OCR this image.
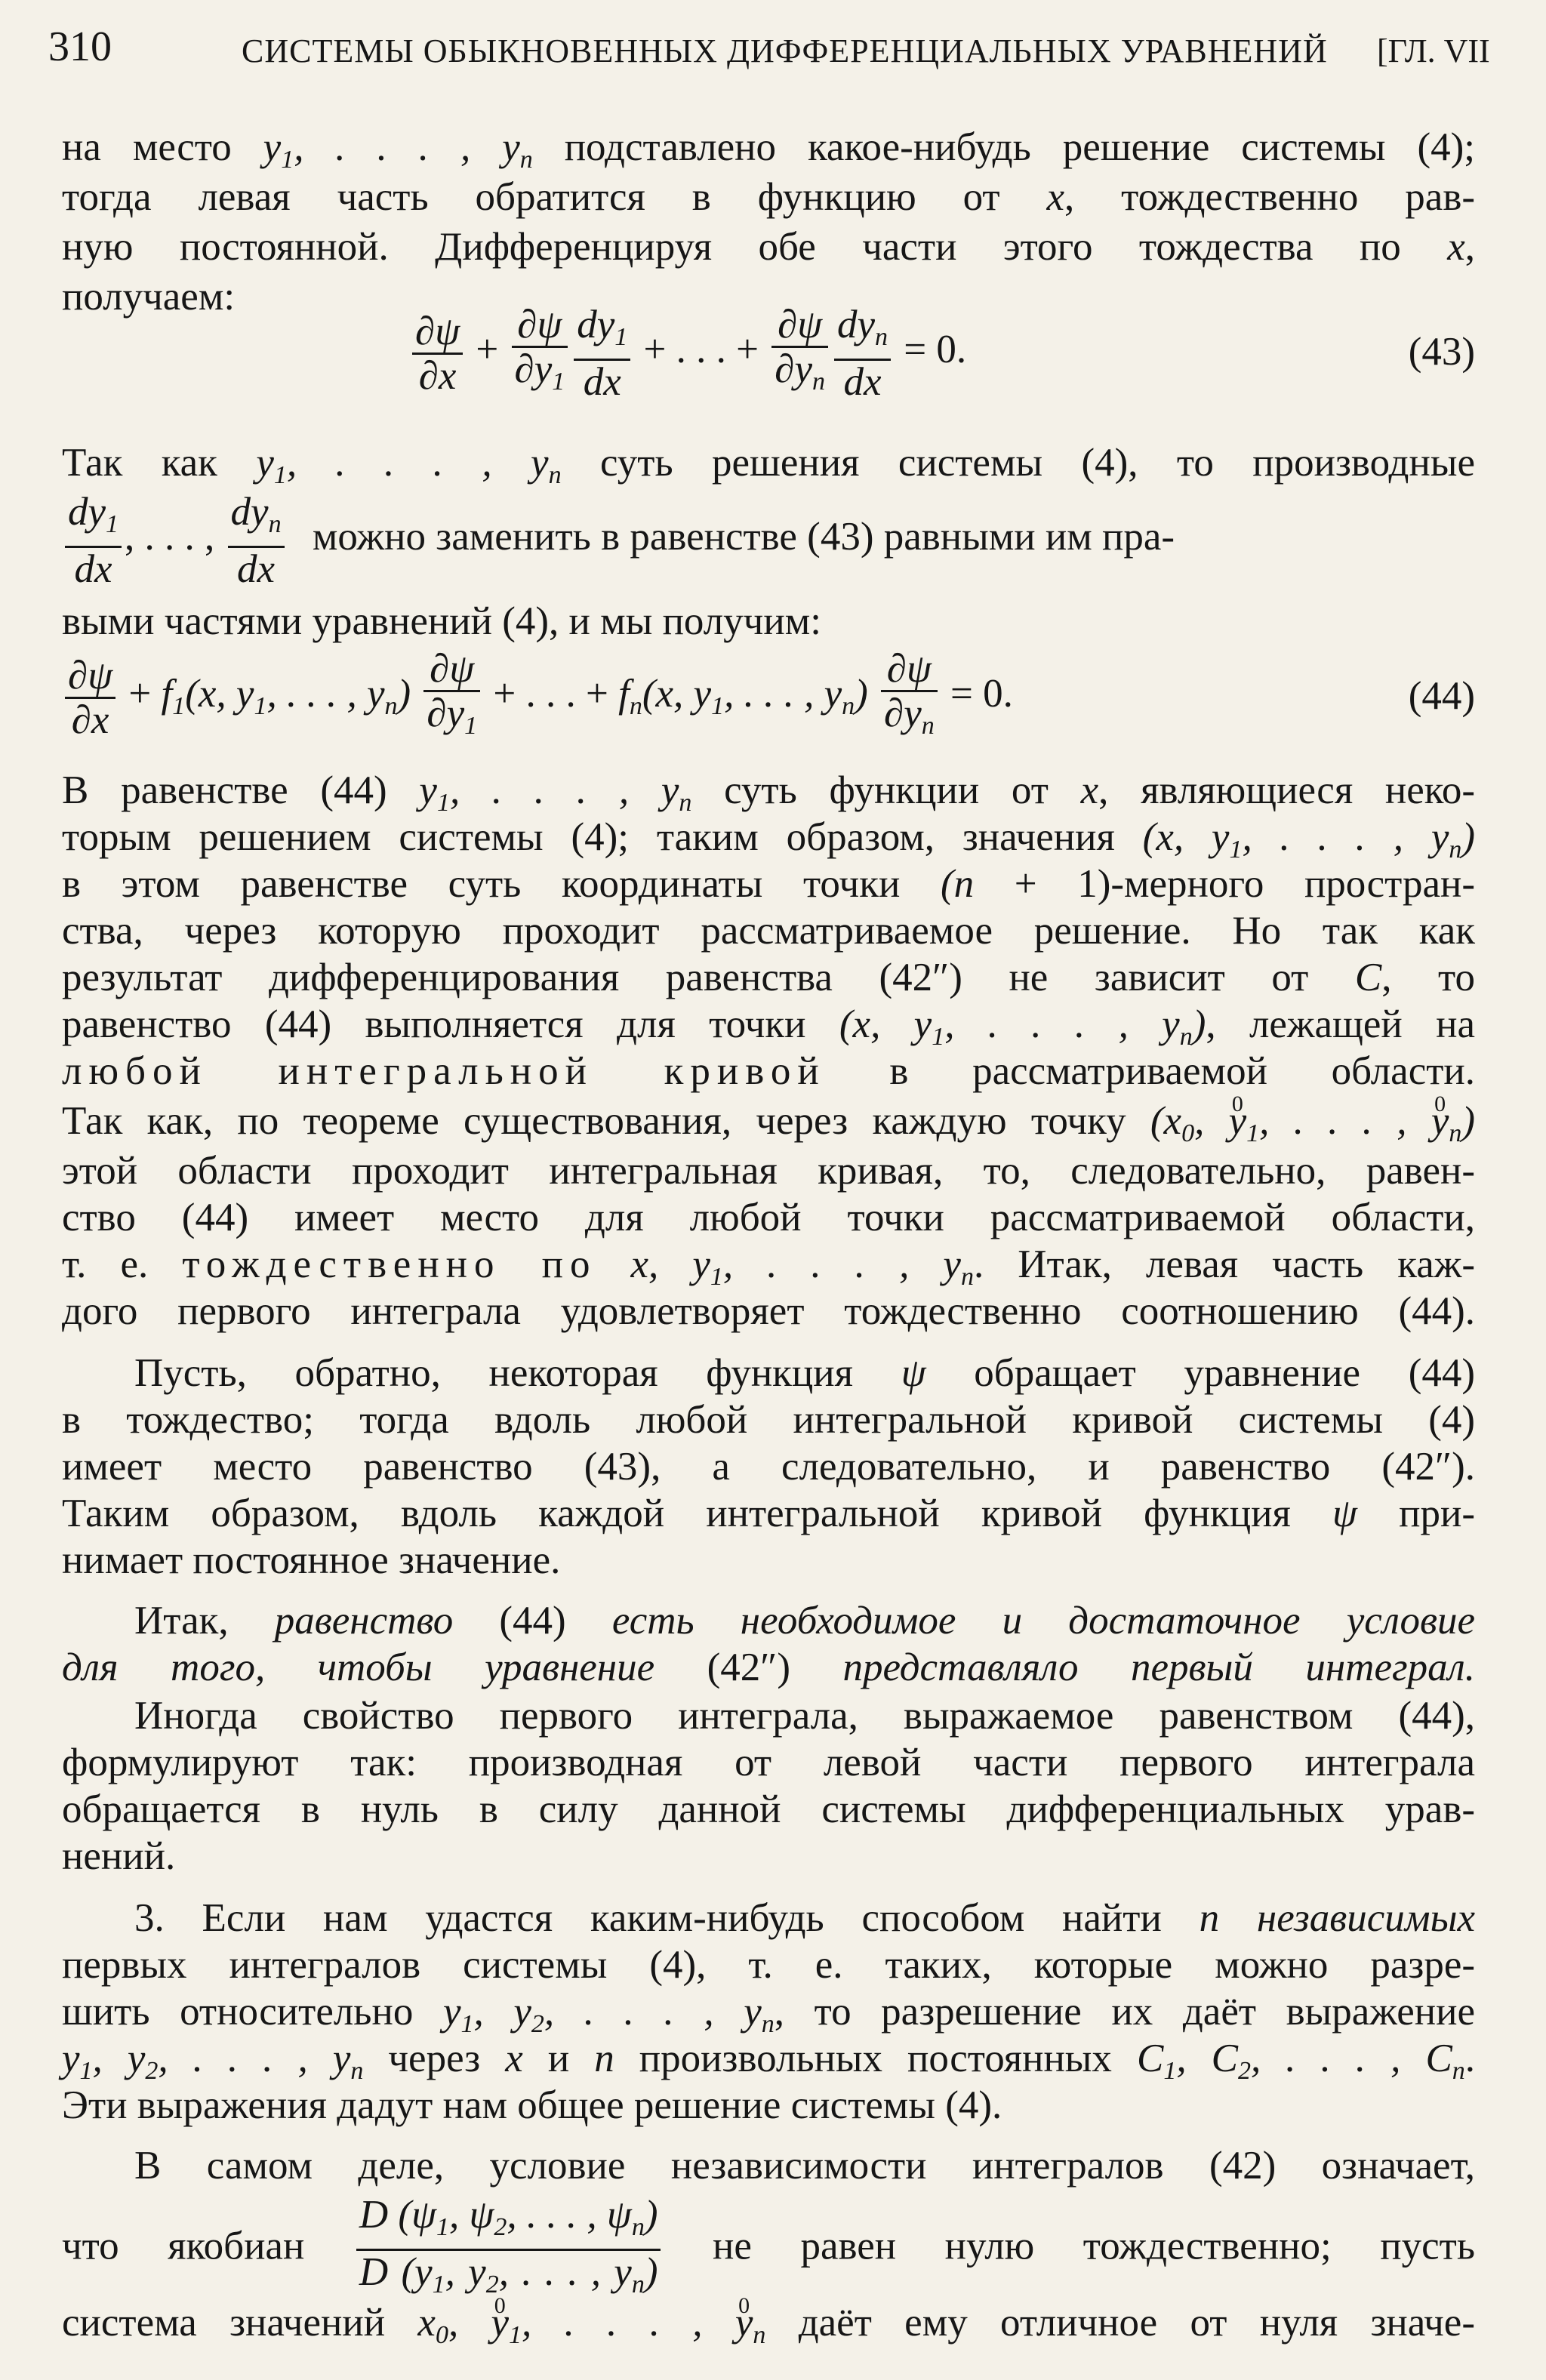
310	СИСТЕМЫ ОБЫКНОВЕННЫХ ДИФФЕРЕНЦИАЛЬНЫХ УРАВНЕНИЙ [ГЛ. VII
на место $y_1$, . . . , $y_n$ подставлено какое-нибудь решение системы (4);
тогда левая часть обратится в функцию от x, тождественно рав-
ную постоянной. Дифференцируя обе части этого тождества по x,
получаем:
$\frac{\partial\psi}{\partial x} + \frac{\partial\psi}{\partial y_1} \frac{dy_1}{dx}$ + . . . + $\frac{\partial\psi}{\partial y_n} \frac{dy_n}{dx} = 0$.	(43)
Так как $y_1$, . . . , $y_n$ суть решения системы (4), то производные
$\frac{dy_1}{dx}$ , . . . , $\frac{dy_n}{dx}$ можно заменить в равенстве (43) равными им пра-
выми частями уравнений (4), и мы получим:
$\frac{\partial\psi}{\partial x} + f_1(x$, $y_1$, . . . , $y_n) \frac{\partial\psi}{\partial y_1}$ + . . . + $f_n(x$, $y_1$, . . . , $y_n) \frac{\partial\psi}{\partial y_n} = 0$.	(44)
В равенстве (44) $y_1$, . . . , $y_n$ суть функции от x, являющиеся неко-
торым решением системы (4); таким образом, значения (x, $y_1$, . . . , $y_n$)
в этом равенстве суть координаты точки (n + 1)-мерного простран-
ства, через которую проходит рассматриваемое решение. Но так как
результат дифференцирования равенства (42″) не зависит от C, то
равенство (44) выполняется для точки (x, $y_1$, . . . , $y_n$), лежащей на
любой интегральной кривой в рассматриваемой области.
Так как, по теореме существования, через каждую точку ($x_0$, 0 $y_1$, . . . , 0 $y_n$)
этой области проходит интегральная кривая, то, следовательно, равен-
ство (44) имеет место для любой точки рассматриваемой области,
т. е. тождественно по x, $y_1$, . . . , $y_n$. Итак, левая часть каж-
дого первого интеграла удовлетворяет тождественно соотношению (44).
Пусть, обратно, некоторая функция ψ обращает уравнение (44)
в тождество; тогда вдоль любой интегральной кривой системы (4)
имеет место равенство (43), а следовательно, и равенство (42″).
Таким образом, вдоль каждой интегральной кривой функция ψ при-
нимает постоянное значение.
Итак, равенство (44) есть необходимое и достаточное условие
для того, чтобы уравнение (42″) представляло первый интеграл.
Иногда свойство первого интеграла, выражаемое равенством (44),
формулируют так: производная от левой части первого интеграла
обращается в нуль в силу данной системы дифференциальных урав-
нений.
3. Если нам удастся каким-нибудь способом найти n независимых
первых интегралов системы (4), т. е. таких, которые можно разре-
шить относительно $y_1$, $y_2$, . . . , $y_n$, то разрешение их даёт выражение
$y_1$, $y_2$, . . . , $y_n$ через x и n произвольных постоянных $C_1$, $C_2$, . . . , $C_n$.
Эти выражения дадут нам общее решение системы (4).
В самом деле, условие независимости интегралов (42) означает,
что якобиан $\frac{D (\psi_1, \psi_2, . . . , \psi_n)}{D (y_1, y_2, . . . , y_n)}$ не равен нулю тождественно; пусть
система значений $x_0$, 0 $y_1$, . . . , 0 $y_n$ даёт ему отличное от нуля значе-
